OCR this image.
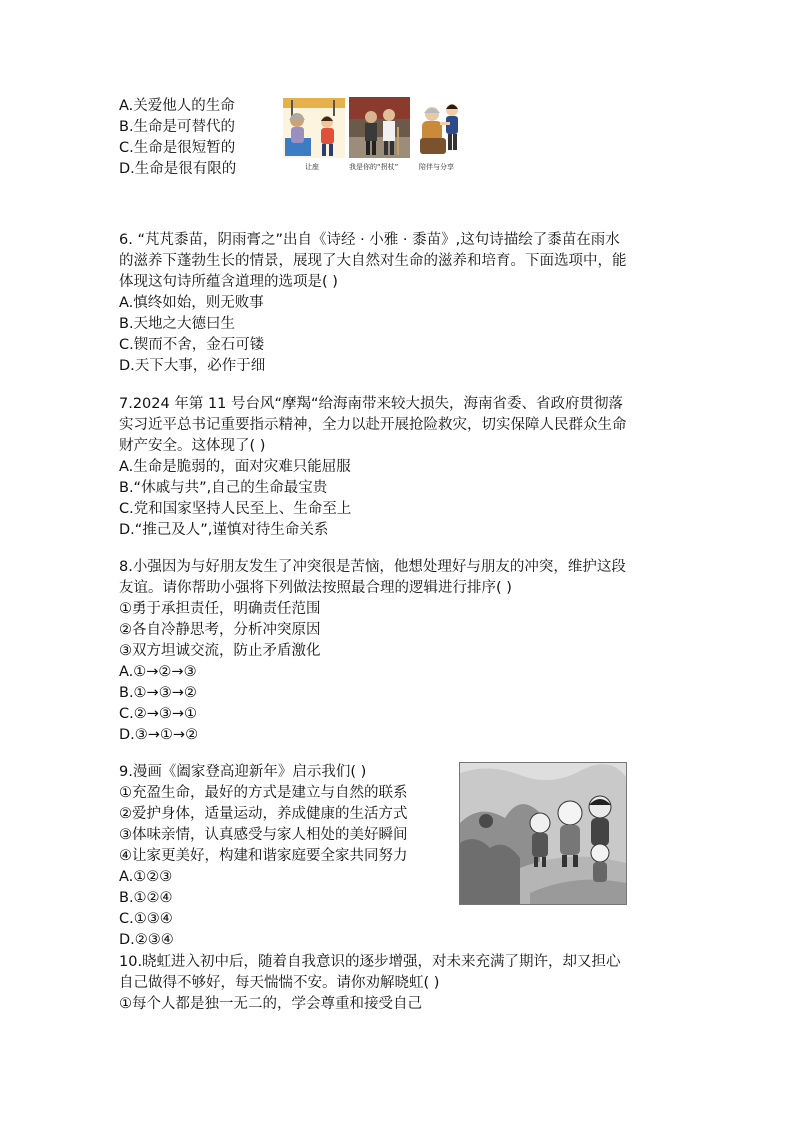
A.关爱他人的生命
B.生命是可替代的
C.生命是很短暂的
D.生命是很有限的	让座	我是你的“拐杖”	陪伴与分享
6. “芃芃黍苗，阴雨膏之”出自《诗经 · 小雅 · 黍苗》,这句诗描绘了黍苗在雨水
的滋养下蓬勃生长的情景，展现了大自然对生命的滋养和培育。下面选项中，能
体现这句诗所蕴含道理的选项是( )
A.慎终如始，则无败事
B.天地之大德曰生
C.锲而不舍，金石可镂
D.天下大事，必作于细
7.2024 年第 11 号台风“摩羯“给海南带来较大损失，海南省委、省政府贯彻落
实习近平总书记重要指示精神，全力以赴开展抢险救灾，切实保障人民群众生命
财产安全。这体现了( )
A.生命是脆弱的，面对灾难只能屈服
B.“休戚与共”,自己的生命最宝贵
C.党和国家坚持人民至上、生命至上
D.“推己及人”,谨慎对待生命关系
8.小强因为与好朋友发生了冲突很是苦恼，他想处理好与朋友的冲突，维护这段
友谊。请你帮助小强将下列做法按照最合理的逻辑进行排序( )
①勇于承担责任，明确责任范围
②各自冷静思考，分析冲突原因
③双方坦诚交流，防止矛盾激化
A.①→②→③
B.①→③→②
C.②→③→①
D.③→①→②
9.漫画《阖家登高迎新年》启示我们( )
①充盈生命，最好的方式是建立与自然的联系
②爱护身体，适量运动，养成健康的生活方式
③体味亲情，认真感受与家人相处的美好瞬间
④让家更美好，构建和谐家庭要全家共同努力
A.①②③
B.①②④
C.①③④
D.②③④
10.晓虹进入初中后，随着自我意识的逐步增强，对未来充满了期许，却又担心
自己做得不够好，每天惴惴不安。请你劝解晓虹( )
①每个人都是独一无二的，学会尊重和接受自己
